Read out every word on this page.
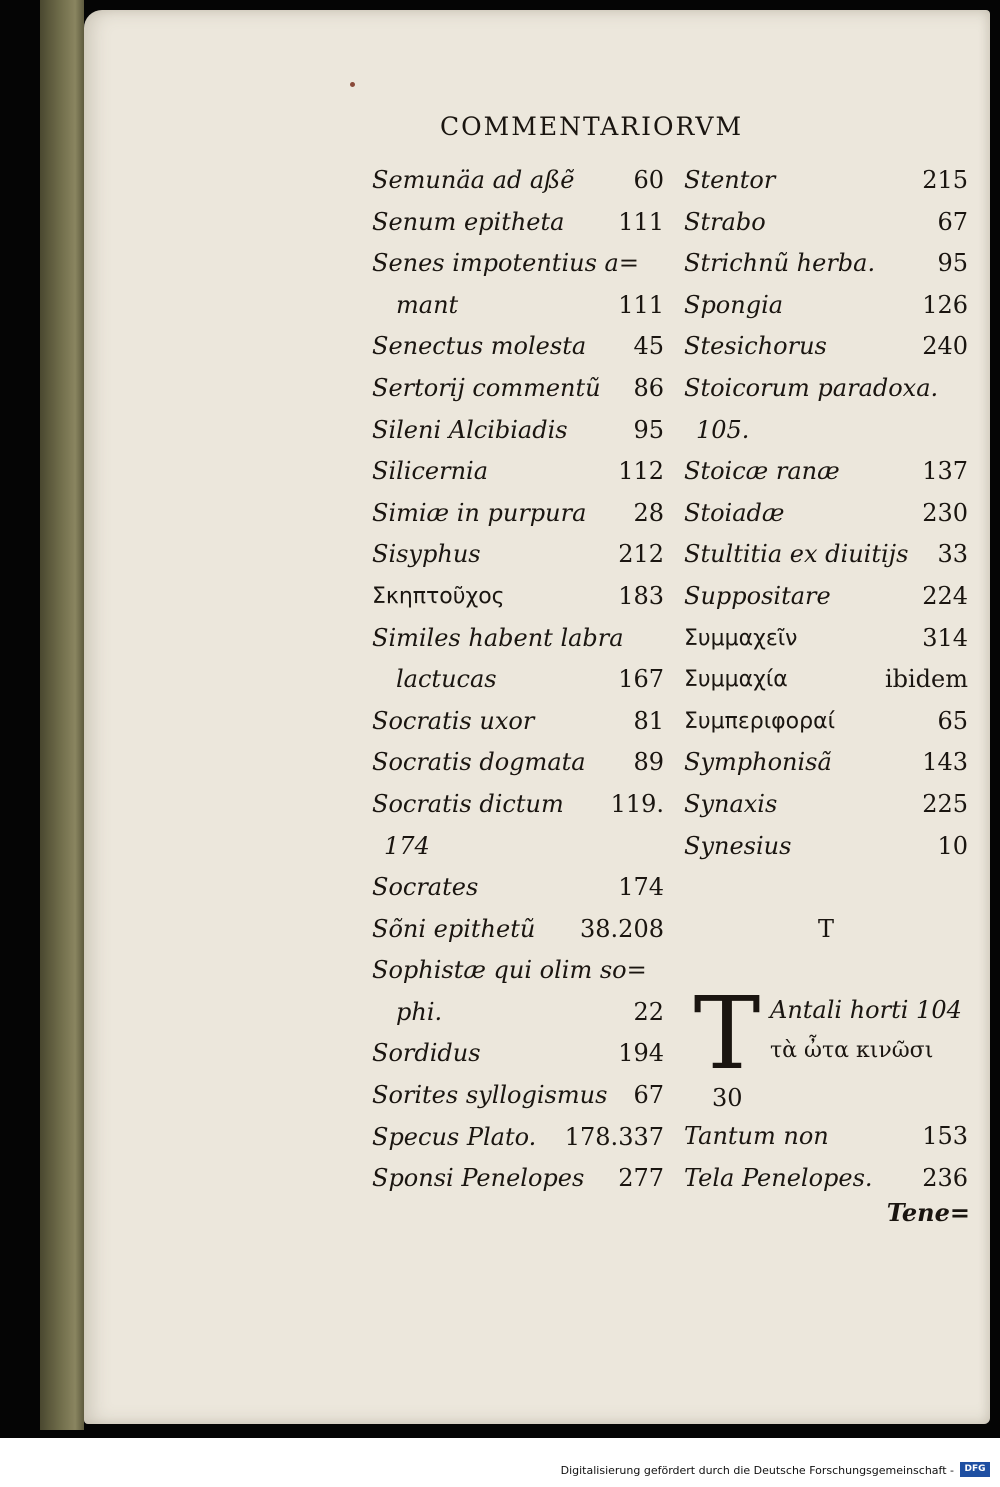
COMMENTARIORVM
Semunäa ad aßẽ 60
Senum epitheta 111
Senes impotentius a=
mant	111
Senectus molesta 45
Sertorij commentũ 86
Sileni Alcibiadis	95
Silicernia	112
Simiæ in purpura 28
Sisyphus	212
Σκηπτοῦχος	183
Similes habent labra
lactucas	167
Socratis uxor	81
Socratis dogmata 89
Socratis dictum 119.
174
Socrates	174
Sõni epithetũ 38.208
Sophistæ qui olim so=
phi.	22
Sordidus	194
Sorites syllogismus 67
Specus Plato. 178.337
Sponsi Penelopes 277
Stentor	215
Strabo	67
Strichnũ herba.	95
Spongia	126
Stesichorus	240
Stoicorum paradoxa.
105.
Stoicæ ranæ	137
Stoiadæ	230
Stultitia ex diuitijs 33
Suppositare	224
Συμμαχεῖν	314
Συμμαχία	ibidem
Συμπεριφοραί	65
Symphonisã	143
Synaxis	225
Synesius	10
T
T Antali horti 104
τὰ ὦτα κινῶσι
30
Tantum non	153
Tela Penelopes. 236
Tene=
Digitalisierung gefördert durch die Deutsche Forschungsgemeinschaft -	DFG
